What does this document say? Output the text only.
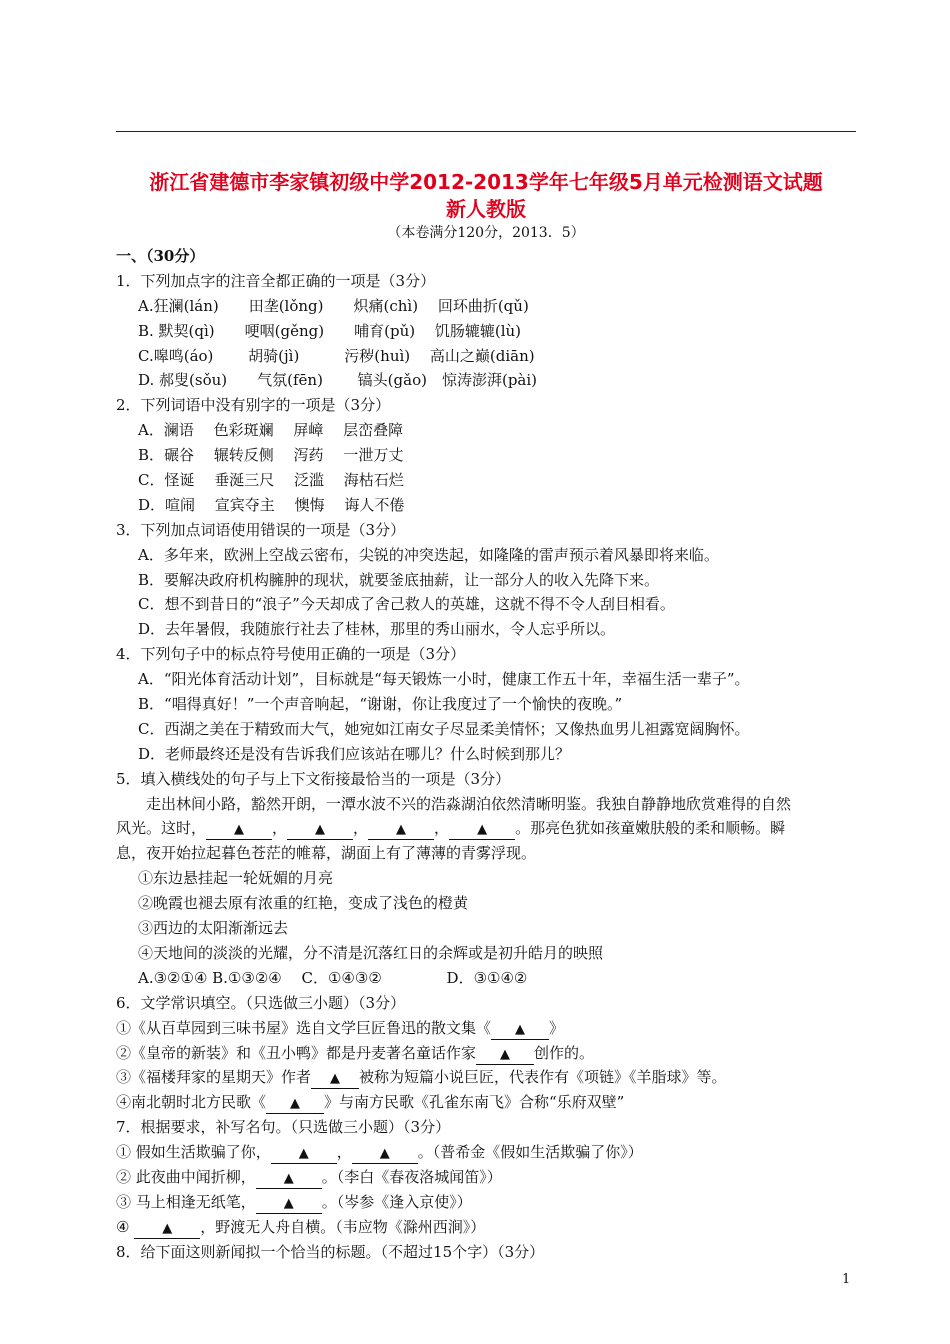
浙江省建德市李家镇初级中学2012-2013学年七年级5月单元检测语文试题
新人教版
（本卷满分120分，2013．5）
一、（30分）
1．下列加点字的注音全都正确的一项是（3分）
A.狂澜(lán)　　田垄(lǒng)　　炽痛(chì)　 回环曲折(qǔ)
B. 默契(qì)　　哽咽(gěng)　　哺育(pǔ)　 饥肠辘辘(lù)
C.嗥鸣(áo)　　 胡骑(jì)　　　污秽(huì)　 高山之巅(diān)
D. 郝叟(sǒu)　　气氛(fēn)　　 镐头(gǎo)　惊涛澎湃(pài)
2．下列词语中没有别字的一项是（3分）
A．澜语　 色彩斑斓　 屏嶂　 层峦叠障
B．碾谷　 辗转反侧　 泻药　 一泄万丈
C．怪诞　 垂涎三尺　 泛滥　 海枯石烂
D．喧闹　 宣宾夺主　 懊悔　 诲人不倦
3．下列加点词语使用错误的一项是（3分）
A．多年来，欧洲上空战云密布，尖锐的冲突迭起，如隆隆的雷声预示着风暴即将来临。
B．要解决政府机构臃肿的现状，就要釜底抽薪，让一部分人的收入先降下来。
C．想不到昔日的“浪子”今天却成了舍己救人的英雄，这就不得不令人刮目相看。
D．去年暑假，我随旅行社去了桂林，那里的秀山丽水，令人忘乎所以。
4．下列句子中的标点符号使用正确的一项是（3分）
A．“阳光体育活动计划”，目标就是“每天锻炼一小时，健康工作五十年，幸福生活一辈子”。
B．“唱得真好！”一个声音响起，“谢谢，你让我度过了一个愉快的夜晚。”
C．西湖之美在于精致而大气，她宛如江南女子尽显柔美情怀；又像热血男儿袒露宽阔胸怀。
D．老师最终还是没有告诉我们应该站在哪儿？什么时候到那儿？
5．填入横线处的句子与上下文衔接最恰当的一项是（3分）
走出林间小路，豁然开朗，一潭水波不兴的浩淼湖泊依然清晰明鉴。我独自静静地欣赏难得的自然
风光。这时， ▲ ， ▲ ， ▲ ， ▲ 。那亮色犹如孩童嫩肤般的柔和顺畅。瞬
息，夜开始拉起暮色苍茫的帷幕，湖面上有了薄薄的青雾浮现。
①东边悬挂起一轮妩媚的月亮
②晚霞也褪去原有浓重的红艳，变成了浅色的橙黄
③西边的太阳渐渐远去
④天地间的淡淡的光耀，分不清是沉落红日的余辉或是初升皓月的映照
A.③②①④ B.①③②④　 C．①④③②　　　　 D．③①④②
6．文学常识填空。（只选做三小题）（3分）
①《从百草园到三味书屋》选自文学巨匠鲁迅的散文集《 ▲ 》
②《皇帝的新装》和《丑小鸭》都是丹麦著名童话作家 ▲ 创作的。
③《福楼拜家的星期天》作者 ▲ 被称为短篇小说巨匠，代表作有《项链》《羊脂球》等。
④南北朝时北方民歌《 ▲ 》与南方民歌《孔雀东南飞》合称“乐府双壁”
7．根据要求，补写名句。（只选做三小题）（3分）
① 假如生活欺骗了你， ▲ ， ▲ 。（普希金《假如生活欺骗了你》）
② 此夜曲中闻折柳， ▲ 。（李白《春夜洛城闻笛》）
③ 马上相逢无纸笔， ▲ 。（岑参《逢入京使》）
④ ▲ ，野渡无人舟自横。（韦应物《滁州西涧》）
8．给下面这则新闻拟一个恰当的标题。（不超过15个字）（3分）
1
